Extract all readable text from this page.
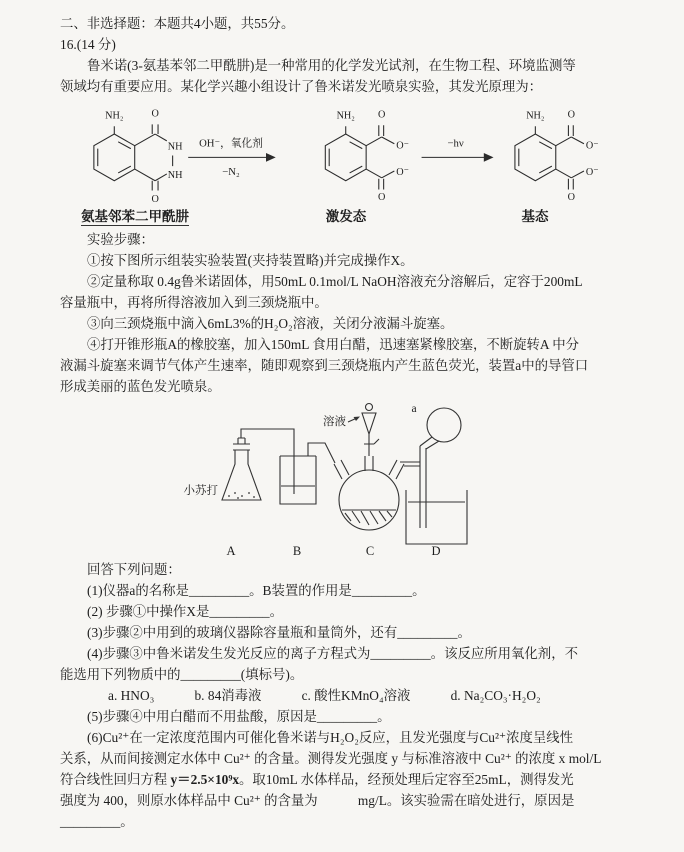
二、非选择题：本题共4小题，共55分。
16.(14 分)
鲁米诺(3-氨基苯邻二甲酰肼)是一种常用的化学发光试剂，在生物工程、环境监测等
领域均有重要应用。某化学兴趣小组设计了鲁米诺发光喷泉实验，其发光原理为：
NH₂	O
O
NH
NH
OH⁻，氧化剂
−N₂
NH₂ O
O
O⁻
O⁻
−hν
NH₂ O
O
O⁻
O⁻
氨基邻苯二甲酰肼	激发态	基态
实验步骤：
①按下图所示组装实验装置(夹持装置略)并完成操作X。
②定量称取 0.4g鲁米诺固体，用50mL 0.1mol/L NaOH溶液充分溶解后，定容于200mL
容量瓶中，再将所得溶液加入到三颈烧瓶中。
③向三颈烧瓶中滴入6mL3%的H₂O₂溶液，关闭分液漏斗旋塞。
④打开锥形瓶A的橡胶塞，加入150mL 食用白醋，迅速塞紧橡胶塞，不断旋转A 中分
液漏斗旋塞来调节气体产生速率，随即观察到三颈烧瓶内产生蓝色荧光，装置a中的导管口
形成美丽的蓝色发光喷泉。
小苏打
溶液
a
A	B	C	D
回答下列问题：
(1)仪器a的名称是_________。B装置的作用是_________。
(2) 步骤①中操作X是_________。
(3)步骤②中用到的玻璃仪器除容量瓶和量筒外，还有_________。
(4)步骤③中鲁米诺发生发光反应的离子方程式为_________。该反应所用氧化剂，不
能选用下列物质中的_________(填标号)。
a. HNO₃　　　b. 84消毒液　　　c. 酸性KMnO₄溶液　　　d. Na₂CO₃·H₂O₂
(5)步骤④中用白醋而不用盐酸，原因是_________。
(6)Cu²⁺在一定浓度范围内可催化鲁米诺与H₂O₂反应，且发光强度与Cu²⁺浓度呈线性
关系，从而间接测定水体中 Cu²⁺ 的含量。测得发光强度 y 与标准溶液中 Cu²⁺ 的浓度 x mol/L
符合线性回归方程 y＝2.5×10⁹x。取10mL 水体样品，经预处理后定容至25mL，测得发光
强度为 400，则原水体样品中 Cu²⁺ 的含量为　　　mg/L。该实验需在暗处进行，原因是
_________。
